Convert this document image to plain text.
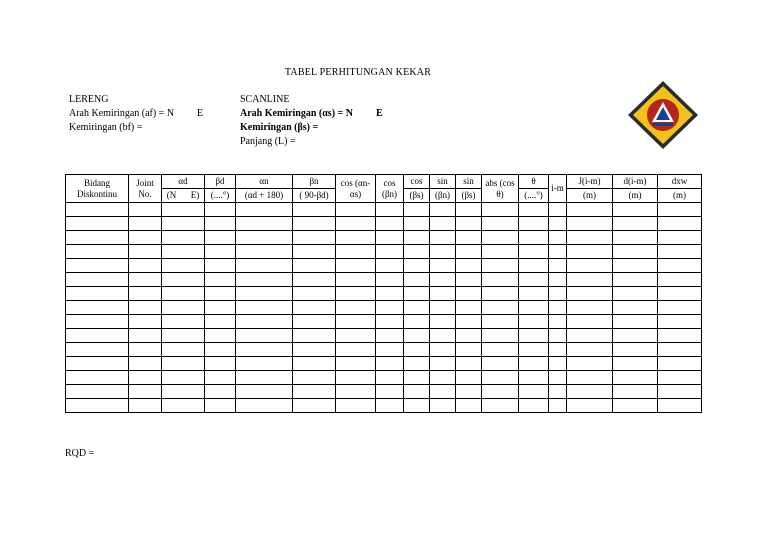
TABEL PERHITUNGAN KEKAR
LERENG
Arah Kemiringan (af) = N E
Kemiringan (bf) =
SCANLINE
Arah Kemiringan (αs) = N E
Kemiringan (βs) =
Panjang (L) =
Bidang Diskontinu	Joint No.	αd	βd	αn	βn	cos (αn-αs)	cos (βn)	cos	sin	sin	abs (cos θ)	θ	i-m	J(i-m)	d(i-m)	dxw
		(N E)	(....°)	(αd + 180)	( 90-βd)			(βs)	(βn)	(βs)		(....°)		(m)	(m)	(m)

RQD =
